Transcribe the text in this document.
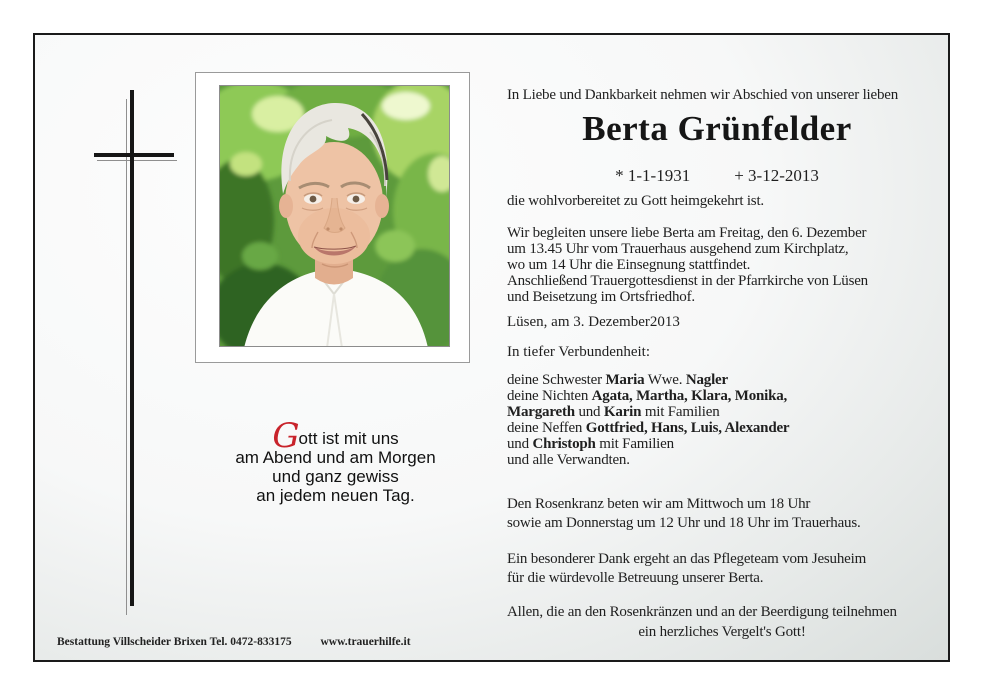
Gott ist mit uns
am Abend und am Morgen
und ganz gewiss
an jedem neuen Tag.
In Liebe und Dankbarkeit nehmen wir Abschied von unserer lieben
Berta Grünfelder
* 1-1-1931	+ 3-12-2013
die wohlvorbereitet zu Gott heimgekehrt ist.
Wir begleiten unsere liebe Berta am Freitag, den 6. Dezember
um 13.45 Uhr vom Trauerhaus ausgehend zum Kirchplatz,
wo um 14 Uhr die Einsegnung stattfindet.
Anschließend Trauergottesdienst in der Pfarrkirche von Lüsen
und Beisetzung im Ortsfriedhof.
Lüsen, am 3. Dezember2013
In tiefer Verbundenheit:
deine Schwester Maria Wwe. Nagler
deine Nichten Agata, Martha, Klara, Monika,
Margareth und Karin mit Familien
deine Neffen Gottfried, Hans, Luis, Alexander
und Christoph mit Familien
und alle Verwandten.
Den Rosenkranz beten wir am Mittwoch um 18 Uhr
sowie am Donnerstag um 12 Uhr und 18 Uhr im Trauerhaus.
Ein besonderer Dank ergeht an das Pflegeteam vom Jesuheim
für die würdevolle Betreuung unserer Berta.
Allen, die an den Rosenkränzen und an der Beerdigung teilnehmen
ein herzliches Vergelt's Gott!
Bestattung Villscheider Brixen Tel. 0472-833175	www.trauerhilfe.it
